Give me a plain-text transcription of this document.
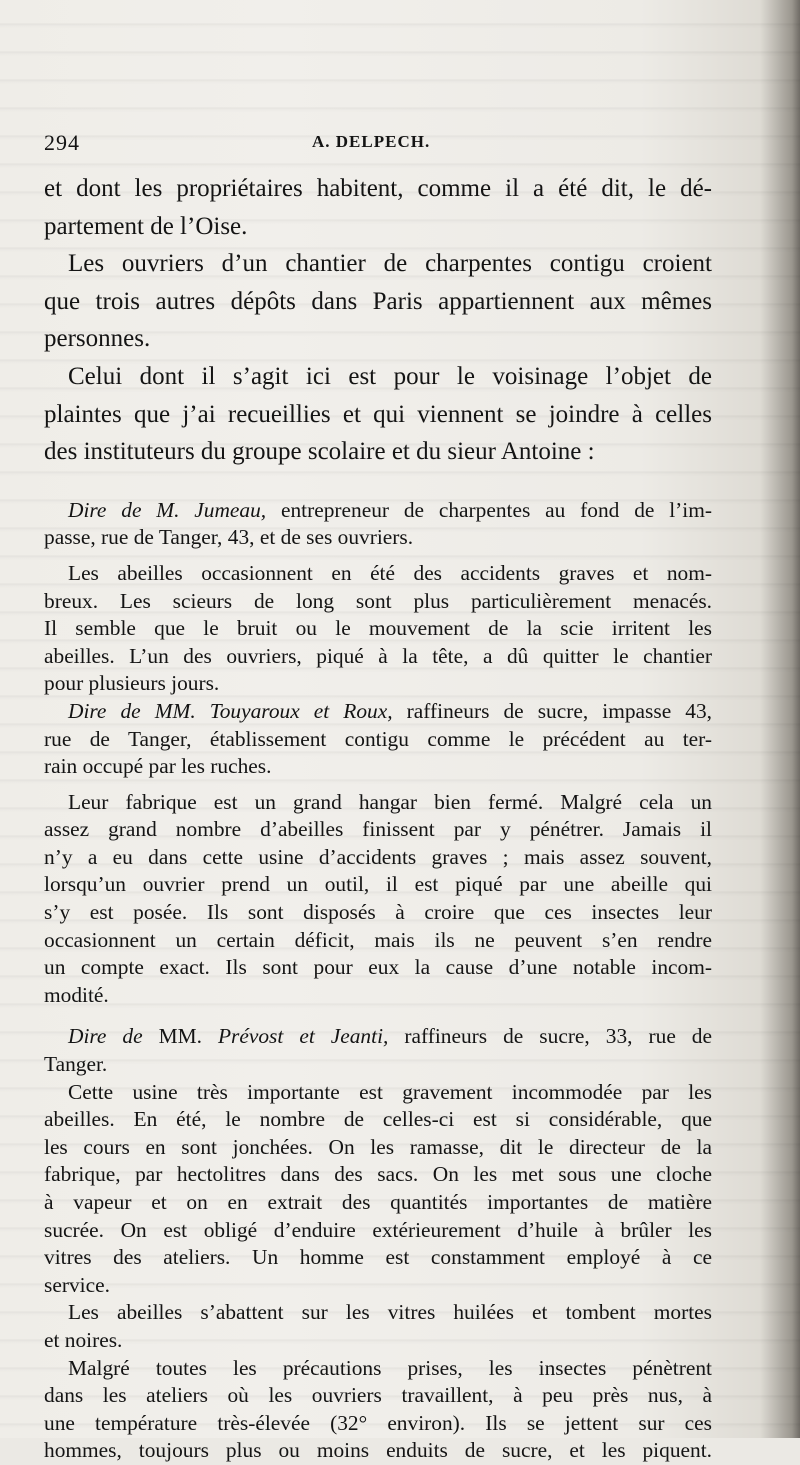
294	A. DELPECH.

et dont les propriétaires habitent, comme il a été dit, le dé-
partement de l’Oise.

Les ouvriers d’un chantier de charpentes contigu croient
que trois autres dépôts dans Paris appartiennent aux mêmes
personnes.

Celui dont il s’agit ici est pour le voisinage l’objet de
plaintes que j’ai recueillies et qui viennent se joindre à celles
des instituteurs du groupe scolaire et du sieur Antoine :

Dire de M. Jumeau, entrepreneur de charpentes au fond de l’im-
passe, rue de Tanger, 43, et de ses ouvriers.

Les abeilles occasionnent en été des accidents graves et nom-
breux. Les scieurs de long sont plus particulièrement menacés.
Il semble que le bruit ou le mouvement de la scie irritent les
abeilles. L’un des ouvriers, piqué à la tête, a dû quitter le chantier
pour plusieurs jours.

Dire de MM. Touyaroux et Roux, raffineurs de sucre, impasse 43,
rue de Tanger, établissement contigu comme le précédent au ter-
rain occupé par les ruches.

Leur fabrique est un grand hangar bien fermé. Malgré cela un
assez grand nombre d’abeilles finissent par y pénétrer. Jamais il
n’y a eu dans cette usine d’accidents graves ; mais assez souvent,
lorsqu’un ouvrier prend un outil, il est piqué par une abeille qui
s’y est posée. Ils sont disposés à croire que ces insectes leur
occasionnent un certain déficit, mais ils ne peuvent s’en rendre
un compte exact. Ils sont pour eux la cause d’une notable incom-
modité.

Dire de MM. Prévost et Jeanti, raffineurs de sucre, 33, rue de
Tanger.

Cette usine très importante est gravement incommodée par les
abeilles. En été, le nombre de celles-ci est si considérable, que
les cours en sont jonchées. On les ramasse, dit le directeur de la
fabrique, par hectolitres dans des sacs. On les met sous une cloche
à vapeur et on en extrait des quantités importantes de matière
sucrée. On est obligé d’enduire extérieurement d’huile à brûler les
vitres des ateliers. Un homme est constamment employé à ce
service.

Les abeilles s’abattent sur les vitres huilées et tombent mortes
et noires.

Malgré toutes les précautions prises, les insectes pénètrent
dans les ateliers où les ouvriers travaillent, à peu près nus, à
une température très-élevée (32° environ). Ils se jettent sur ces
hommes, toujours plus ou moins enduits de sucre, et les piquent.
